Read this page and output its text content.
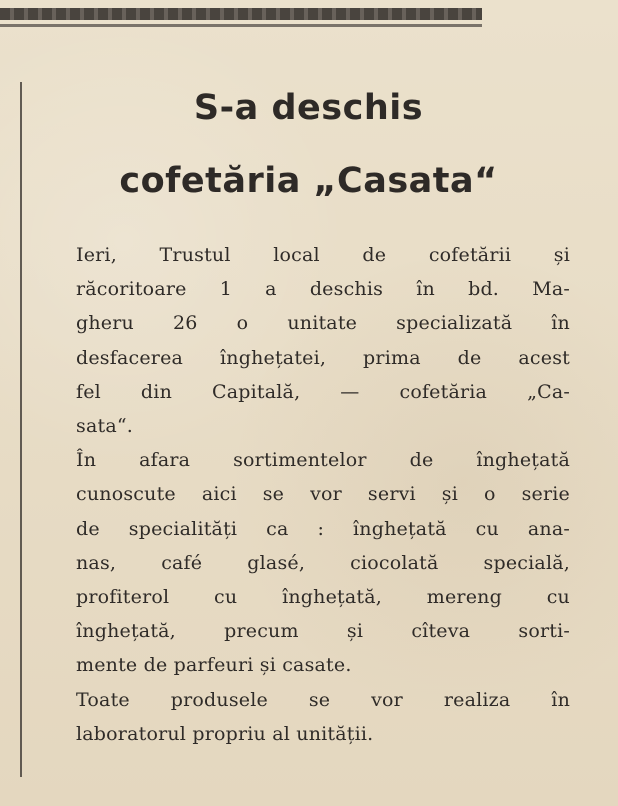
S-a deschis
cofetăria „Casata“

Ieri, Trustul local de cofetării și
răcoritoare 1 a deschis în bd. Ma-
gheru 26 o unitate specializată în
desfacerea înghețatei, prima de acest
fel din Capitală, — cofetăria „Ca-
sata“.

În afara sortimentelor de înghețată
cunoscute aici se vor servi și o serie
de specialități ca : înghețată cu ana-
nas, café glasé, ciocolată specială,
profiterol cu înghețată, mereng cu
înghețată, precum și cîteva sorti-
mente de parfeuri și casate.

Toate produsele se vor realiza în
laboratorul propriu al unității.
